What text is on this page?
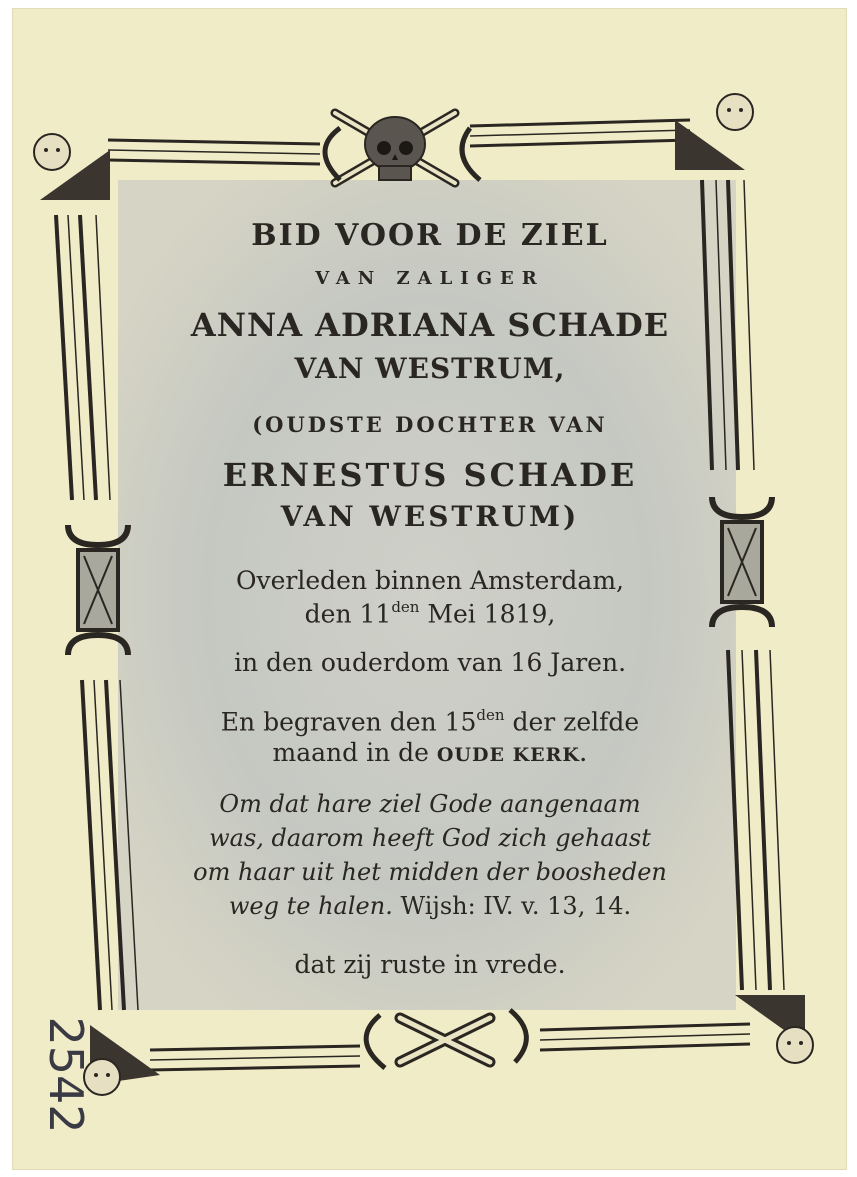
BID VOOR DE ZIEL
VAN ZALIGER
ANNA ADRIANA SCHADE
VAN WESTRUM,
(OUDSTE DOCHTER VAN
ERNESTUS SCHADE
VAN WESTRUM)
Overleden binnen Amsterdam,
den $11^{den}$ Mei 1819,
in den ouderdom van 16 Jaren.
En begraven den $15^{den}$ der zelfde
maand in de OUDE KERK.
Om dat hare ziel Gode aangenaam
was, daarom heeft God zich gehaast
om haar uit het midden der boosheden
weg te halen. Wijsh: IV. v. 13, 14.
dat zij ruste in vrede.
2542
